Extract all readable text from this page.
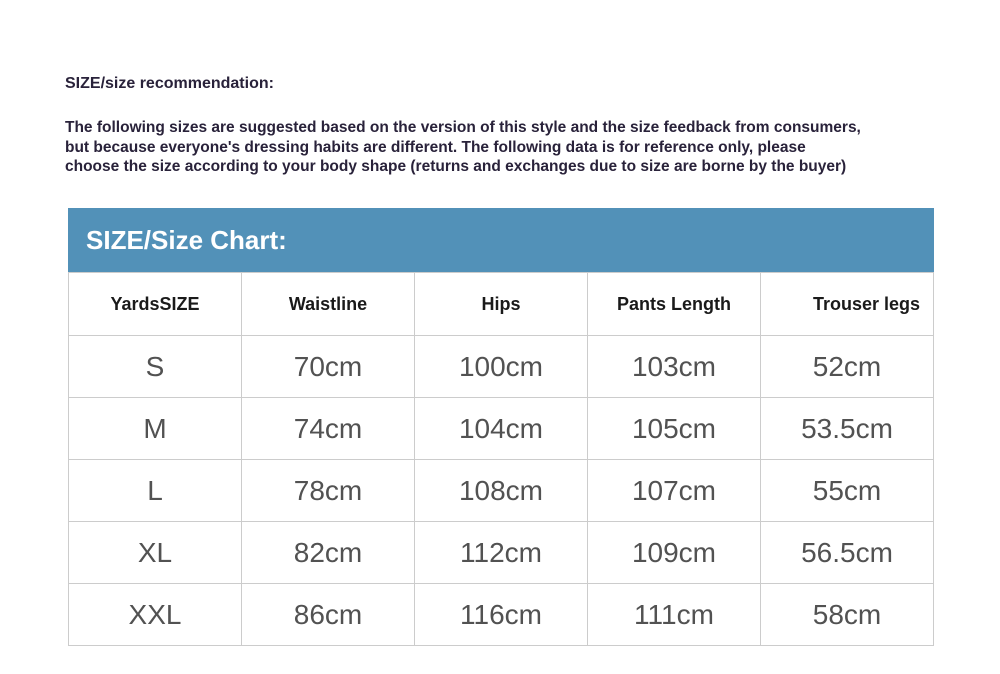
SIZE/size recommendation:
The following sizes are suggested based on the version of this style and the size feedback from consumers,
but because everyone's dressing habits are different. The following data is for reference only, please
choose the size according to your body shape (returns and exchanges due to size are borne by the buyer)
SIZE/Size Chart:
YardsSIZE	Waistline	Hips	Pants Length	Trouser legs
S	70cm	100cm	103cm	52cm
M	74cm	104cm	105cm	53.5cm
L	78cm	108cm	107cm	55cm
XL	82cm	112cm	109cm	56.5cm
XXL	86cm	116cm	111cm	58cm
